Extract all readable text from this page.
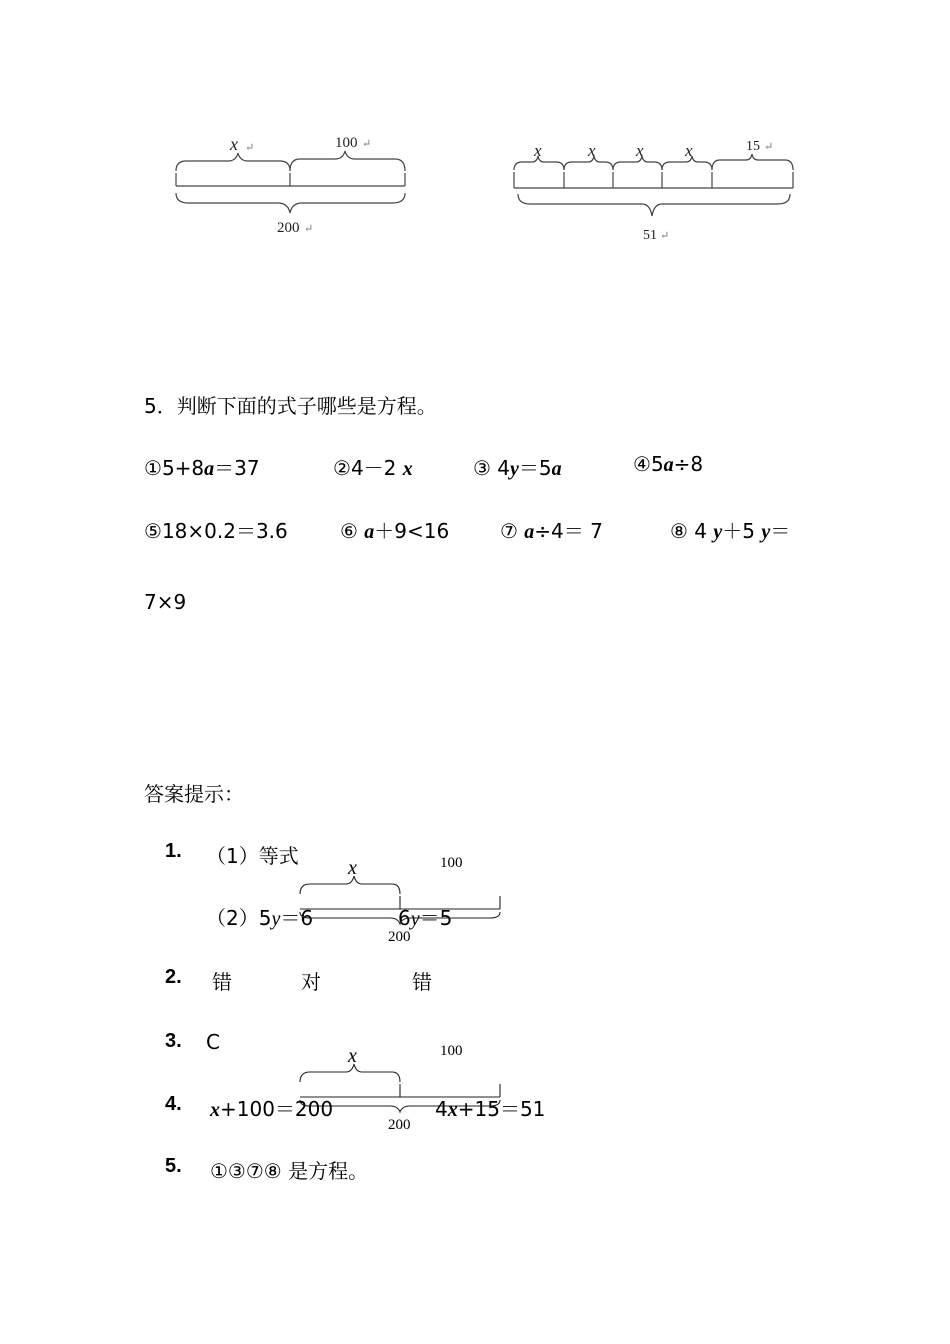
x ↵	100 ↵
200 ↵
x	x x x	15 ↵
51 ↵
5．判断下面的式子哪些是方程。
①5+8a＝37	②4－2 x	③ 4y＝5a	④5a÷8
⑤18×0.2＝3.6	⑥ a＋9<16	⑦ a÷4＝ 7	⑧ 4 y＋5 y＝
7×9
答案提示：
1. （1）等式
（2）5y＝6	6y＝5
x	100
200
2. 错	对	错
3. C
x	100
200
4. x+100＝200	4x+15＝51
5. ①③⑦⑧ 是方程。
